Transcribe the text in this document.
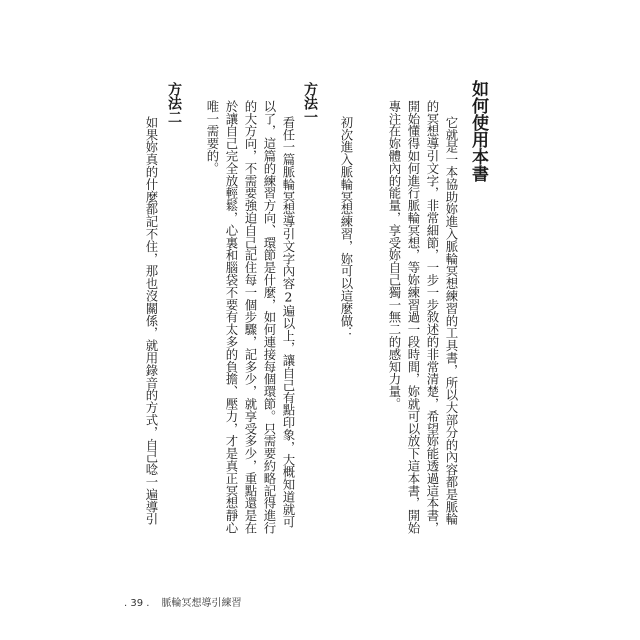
如何使用本書
它就是一本協助妳進入脈輪冥想練習的工具書，所以大部分的內容都是脈輪
的冥想導引文字，非常細節，一步一步敘述的非常清楚，希望妳能透過這本書，
開始懂得如何進行脈輪冥想，等妳練習過一段時間，妳就可以放下這本書，開始
專注在妳體內的能量，享受妳自己獨一無二的感知力量。
初次進入脈輪冥想練習，妳可以這麼做：
方法一
看任一篇脈輪冥想導引文字內容2遍以上，讓自己有點印象，大概知道就可
以了，這篇的練習方向、環節是什麼，如何連接每個環節。只需要約略記得進行
的大方向，不需要強迫自己記住每一個步驟，記多少，就享受多少，重點還是在
於讓自己完全放輕鬆，心裏和腦袋不要有太多的負擔、壓力，才是真正冥想靜心
唯一需要的。
方法二
如果妳真的什麼都記不住，那也沒關係，就用錄音的方式，自己唸一遍導引
. 39 . 脈輪冥想導引練習
